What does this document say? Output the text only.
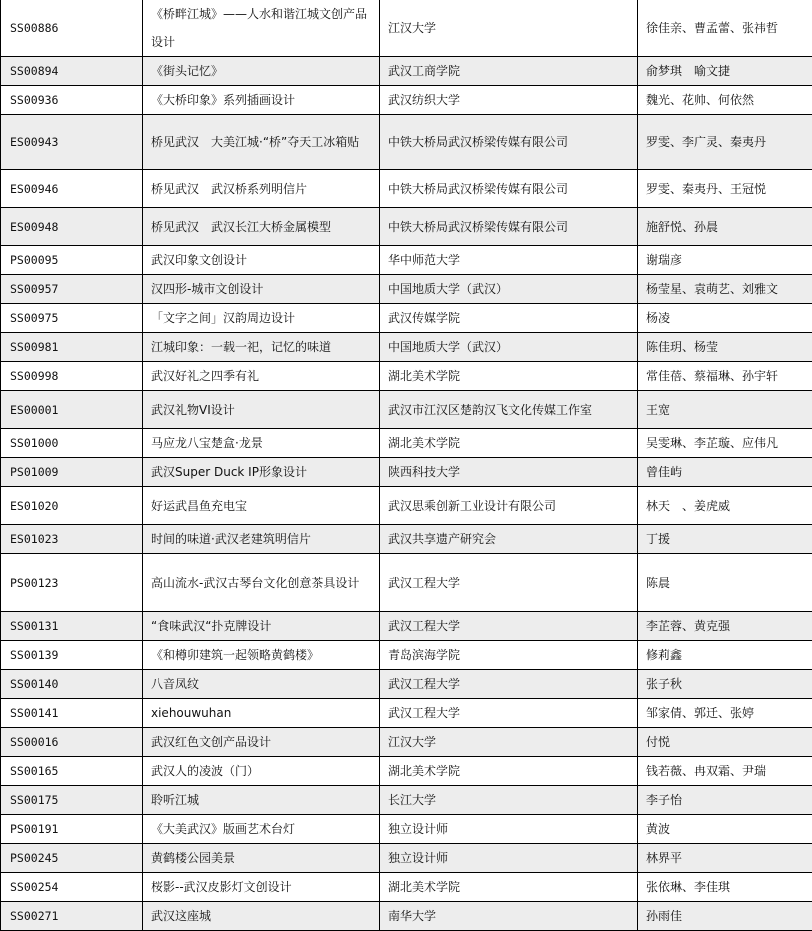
SS00886	《桥畔江城》——人水和谐江城文创产品设计	江汉大学	徐佳亲、曹孟蕾、张祎哲
SS00894	《街头记忆》	武汉工商学院	俞梦琪　喻文捷
SS00936	《大桥印象》系列插画设计	武汉纺织大学	魏光、花帅、何依然
ES00943	桥见武汉　大美江城·“桥”夺天工冰箱贴	中铁大桥局武汉桥梁传媒有限公司	罗雯、李广灵、秦夷丹
ES00946	桥见武汉　武汉桥系列明信片	中铁大桥局武汉桥梁传媒有限公司	罗雯、秦夷丹、王冠悦
ES00948	桥见武汉　武汉长江大桥金属模型	中铁大桥局武汉桥梁传媒有限公司	施舒悦、孙晨
PS00095	武汉印象文创设计	华中师范大学	谢瑞彦
SS00957	汉四形-城市文创设计	中国地质大学（武汉）	杨莹星、袁萌艺、刘雅文
SS00975	「文字之间」汉韵周边设计	武汉传媒学院	杨凌
SS00981	江城印象：一载一祀，记忆的味道	中国地质大学（武汉）	陈佳玥、杨莹
SS00998	武汉好礼之四季有礼	湖北美术学院	常佳蓓、蔡福琳、孙宇轩
ES00001	武汉礼物VI设计	武汉市江汉区楚韵汉飞文化传媒工作室	王宽
SS01000	马应龙八宝楚盒·龙景	湖北美术学院	吴雯琳、李芷璇、应伟凡
PS01009	武汉Super Duck IP形象设计	陕西科技大学	曾佳屿
ES01020	好运武昌鱼充电宝	武汉思乘创新工业设计有限公司	林天　、姜虎威
ES01023	时间的味道·武汉老建筑明信片	武汉共享遗产研究会	丁援
PS00123	高山流水-武汉古琴台文化创意茶具设计	武汉工程大学	陈晨
SS00131	“食味武汉“扑克牌设计	武汉工程大学	李芷蓉、黄克强
SS00139	《和樽卯建筑一起领略黄鹤楼》	青岛滨海学院	修莉鑫
SS00140	八音凤纹	武汉工程大学	张子秋
SS00141	xiehouwuhan	武汉工程大学	邹家倩、郭迁、张婷
SS00016	武汉红色文创产品设计	江汉大学	付悦
SS00165	武汉人的凌波（门）	湖北美术学院	钱若薇、冉双霜、尹瑞
SS00175	聆听江城	长江大学	李子怡
PS00191	《大美武汉》版画艺术台灯	独立设计师	黄波
PS00245	黄鹤楼公园美景	独立设计师	林界平
SS00254	桜影--武汉皮影灯文创设计	湖北美术学院	张依琳、李佳琪
SS00271	武汉这座城	南华大学	孙雨佳
